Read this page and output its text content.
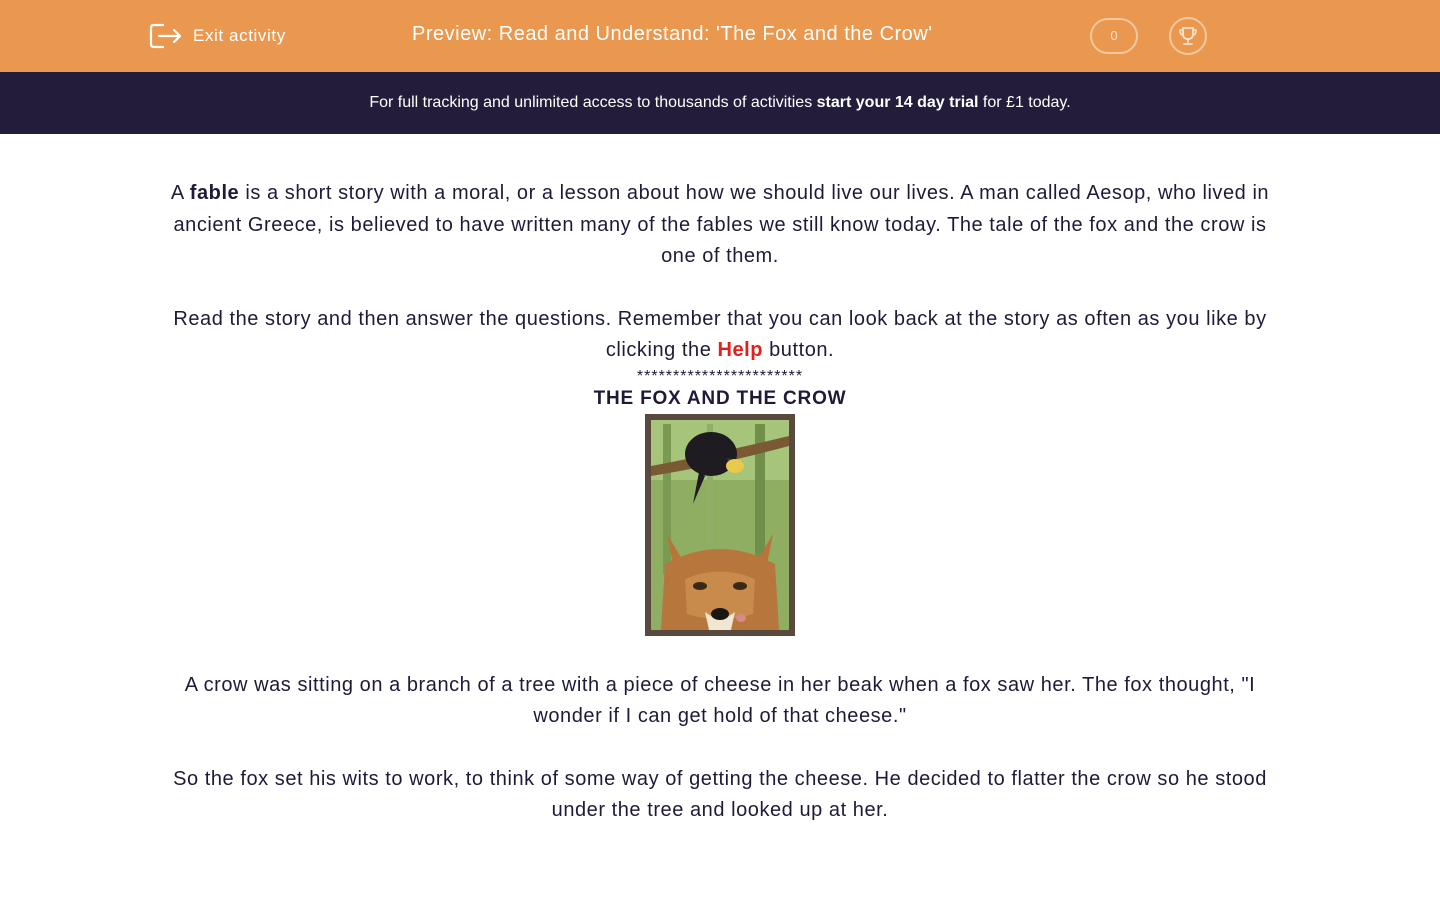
Exit activity	Preview: Read and Understand: 'The Fox and the Crow'	0
For full tracking and unlimited access to thousands of activities start your 14 day trial for £1 today.

A fable is a short story with a moral, or a lesson about how we should live our lives. A man called Aesop, who lived in ancient Greece, is believed to have written many of the fables we still know today. The tale of the fox and the crow is one of them.

Read the story and then answer the questions. Remember that you can look back at the story as often as you like by clicking the Help button.

***********************

THE FOX AND THE CROW

A crow was sitting on a branch of a tree with a piece of cheese in her beak when a fox saw her. The fox thought, "I wonder if I can get hold of that cheese."

So the fox set his wits to work, to think of some way of getting the cheese. He decided to flatter the crow so he stood under the tree and looked up at her.
